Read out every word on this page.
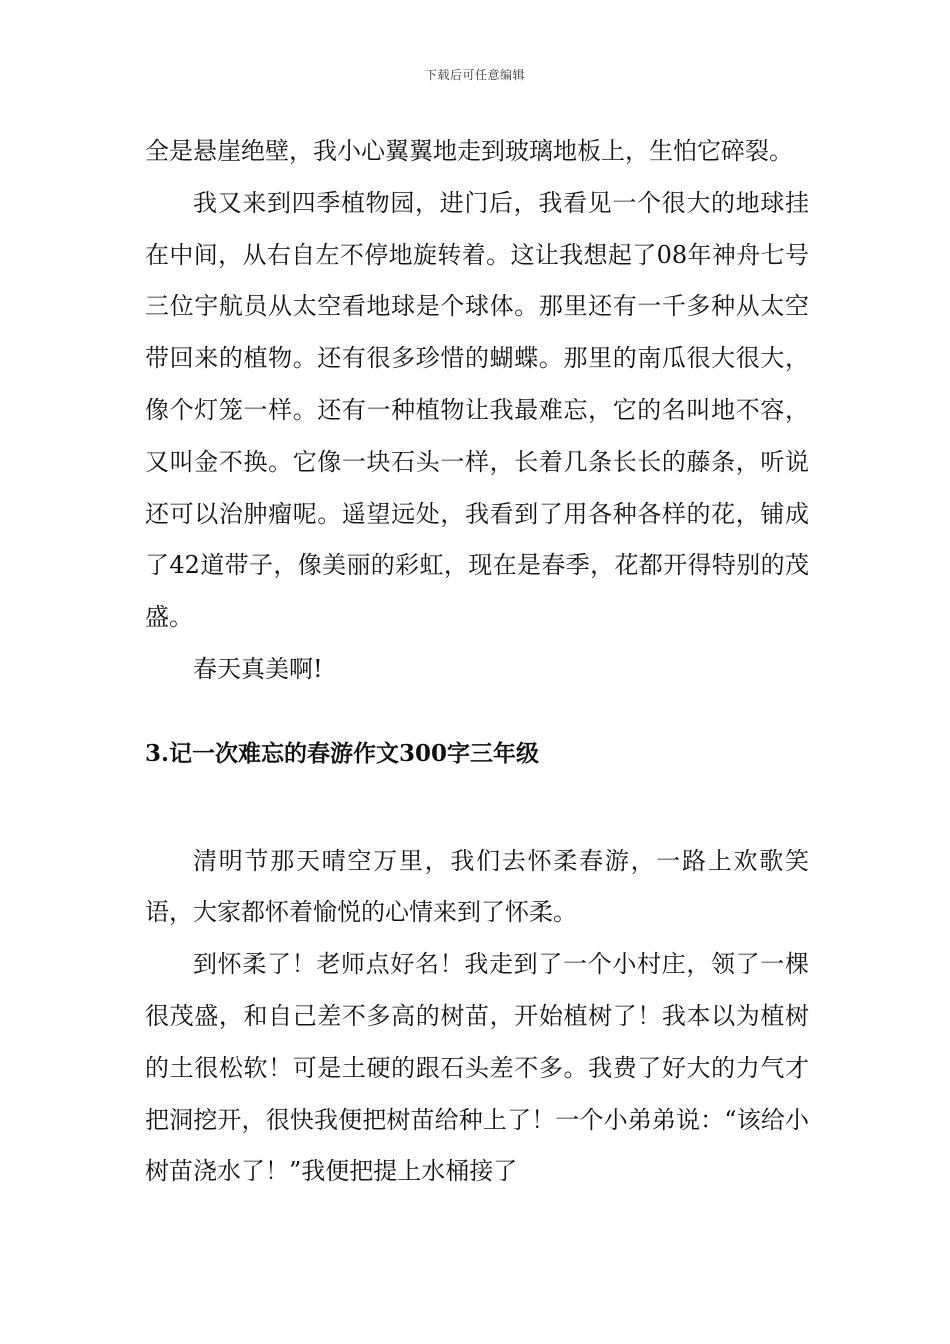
下载后可任意编辑

全是悬崖绝壁，我小心翼翼地走到玻璃地板上，生怕它碎裂。

我又来到四季植物园，进门后，我看见一个很大的地球挂在中间，从右自左不停地旋转着。这让我想起了08年神舟七号三位宇航员从太空看地球是个球体。那里还有一千多种从太空带回来的植物。还有很多珍惜的蝴蝶。那里的南瓜很大很大，像个灯笼一样。还有一种植物让我最难忘，它的名叫地不容，又叫金不换。它像一块石头一样，长着几条长长的藤条，听说还可以治肿瘤呢。遥望远处，我看到了用各种各样的花，铺成了42道带子，像美丽的彩虹，现在是春季，花都开得特别的茂盛。

春天真美啊!

3.记一次难忘的春游作文300字三年级

清明节那天晴空万里，我们去怀柔春游，一路上欢歌笑语，大家都怀着愉悦的心情来到了怀柔。

到怀柔了！老师点好名！我走到了一个小村庄，领了一棵很茂盛，和自己差不多高的树苗，开始植树了！我本以为植树的土很松软！可是土硬的跟石头差不多。我费了好大的力气才把洞挖开，很快我便把树苗给种上了！一个小弟弟说：“该给小树苗浇水了！”我便把提上水桶接了
